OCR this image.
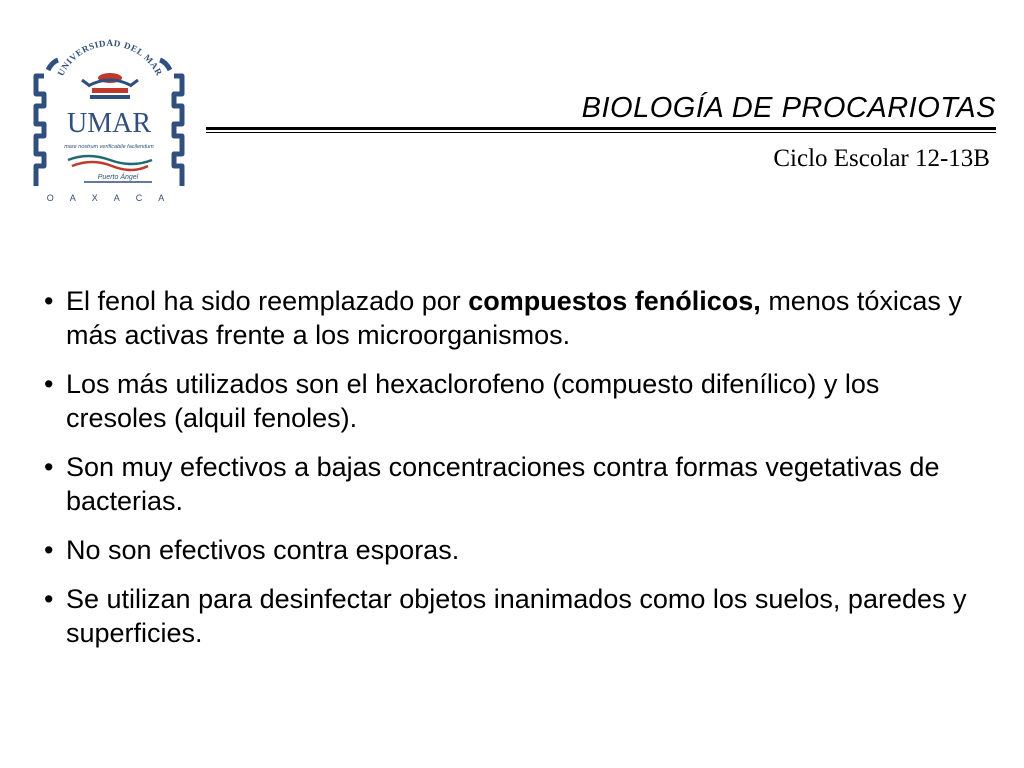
UNIVERSIDAD DEL MAR
UMAR
mare nostrum verificabile facilendum
Puerto Ángel
O A X A C A
BIOLOGÍA DE PROCARIOTAS
Ciclo Escolar 12-13B
• El fenol ha sido reemplazado por compuestos fenólicos, menos tóxicas y más activas frente a los microorganismos.
• Los más utilizados son el hexaclorofeno (compuesto difenílico) y los cresoles (alquil fenoles).
• Son muy efectivos a bajas concentraciones contra formas vegetativas de bacterias.
• No son efectivos contra esporas.
• Se utilizan para desinfectar objetos inanimados como los suelos, paredes y superficies.
